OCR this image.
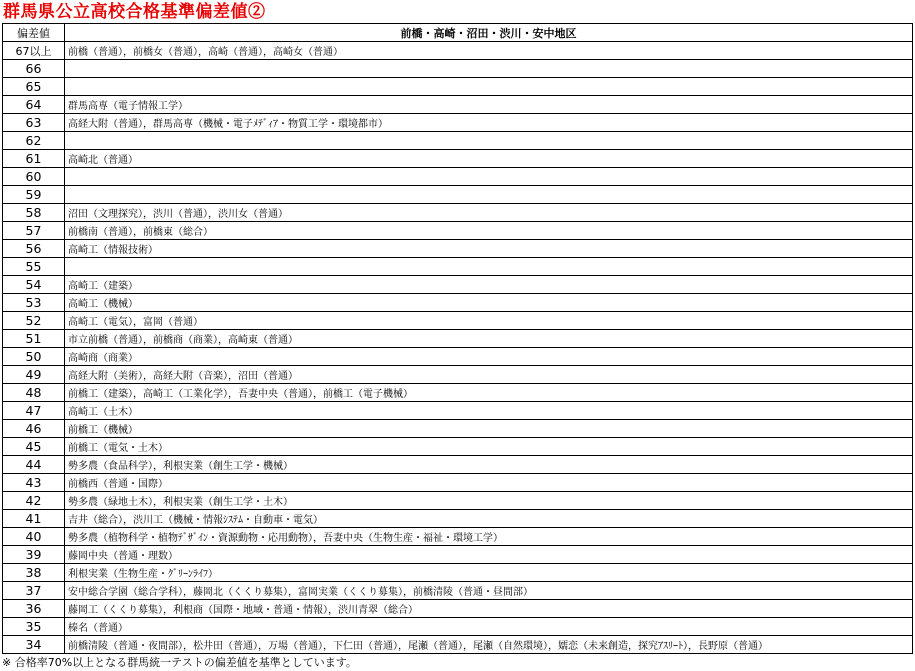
群馬県公立高校合格基準偏差値②
偏差値	前橋・高崎・沼田・渋川・安中地区
67以上	前橋（普通），前橋女（普通），高崎（普通），高崎女（普通）
66	
65	
64	群馬高専（電子情報工学）
63	高経大附（普通），群馬高専（機械・電子ﾒﾃﾞｨｱ・物質工学・環境都市）
62	
61	高崎北（普通）
60	
59	
58	沼田（文理探究），渋川（普通），渋川女（普通）
57	前橋南（普通），前橋東（総合）
56	高崎工（情報技術）
55	
54	高崎工（建築）
53	高崎工（機械）
52	高崎工（電気），富岡（普通）
51	市立前橋（普通），前橋商（商業），高崎東（普通）
50	高崎商（商業）
49	高経大附（美術），高経大附（音楽），沼田（普通）
48	前橋工（建築），高崎工（工業化学），吾妻中央（普通），前橋工（電子機械）
47	高崎工（土木）
46	前橋工（機械）
45	前橋工（電気・土木）
44	勢多農（食品科学），利根実業（創生工学・機械）
43	前橋西（普通・国際）
42	勢多農（緑地土木），利根実業（創生工学・土木）
41	吉井（総合），渋川工（機械・情報ｼｽﾃﾑ・自動車・電気）
40	勢多農（植物科学・植物ﾃﾞｻﾞｲﾝ・資源動物・応用動物），吾妻中央（生物生産・福祉・環境工学）
39	藤岡中央（普通・理数）
38	利根実業（生物生産・ｸﾞﾘｰﾝﾗｲﾌ）
37	安中総合学園（総合学科），藤岡北（くくり募集），富岡実業（くくり募集），前橋清陵（普通・昼間部）
36	藤岡工（くくり募集），利根商（国際・地域・普通・情報），渋川青翠（総合）
35	榛名（普通）
34	前橋清陵（普通・夜間部），松井田（普通），万場（普通），下仁田（普通），尾瀬（普通），尾瀬（自然環境），嬬恋（未来創造，探究ｱｽﾘｰﾄ），長野原（普通）
※ 合格率70%以上となる群馬統一テストの偏差値を基準としています。
